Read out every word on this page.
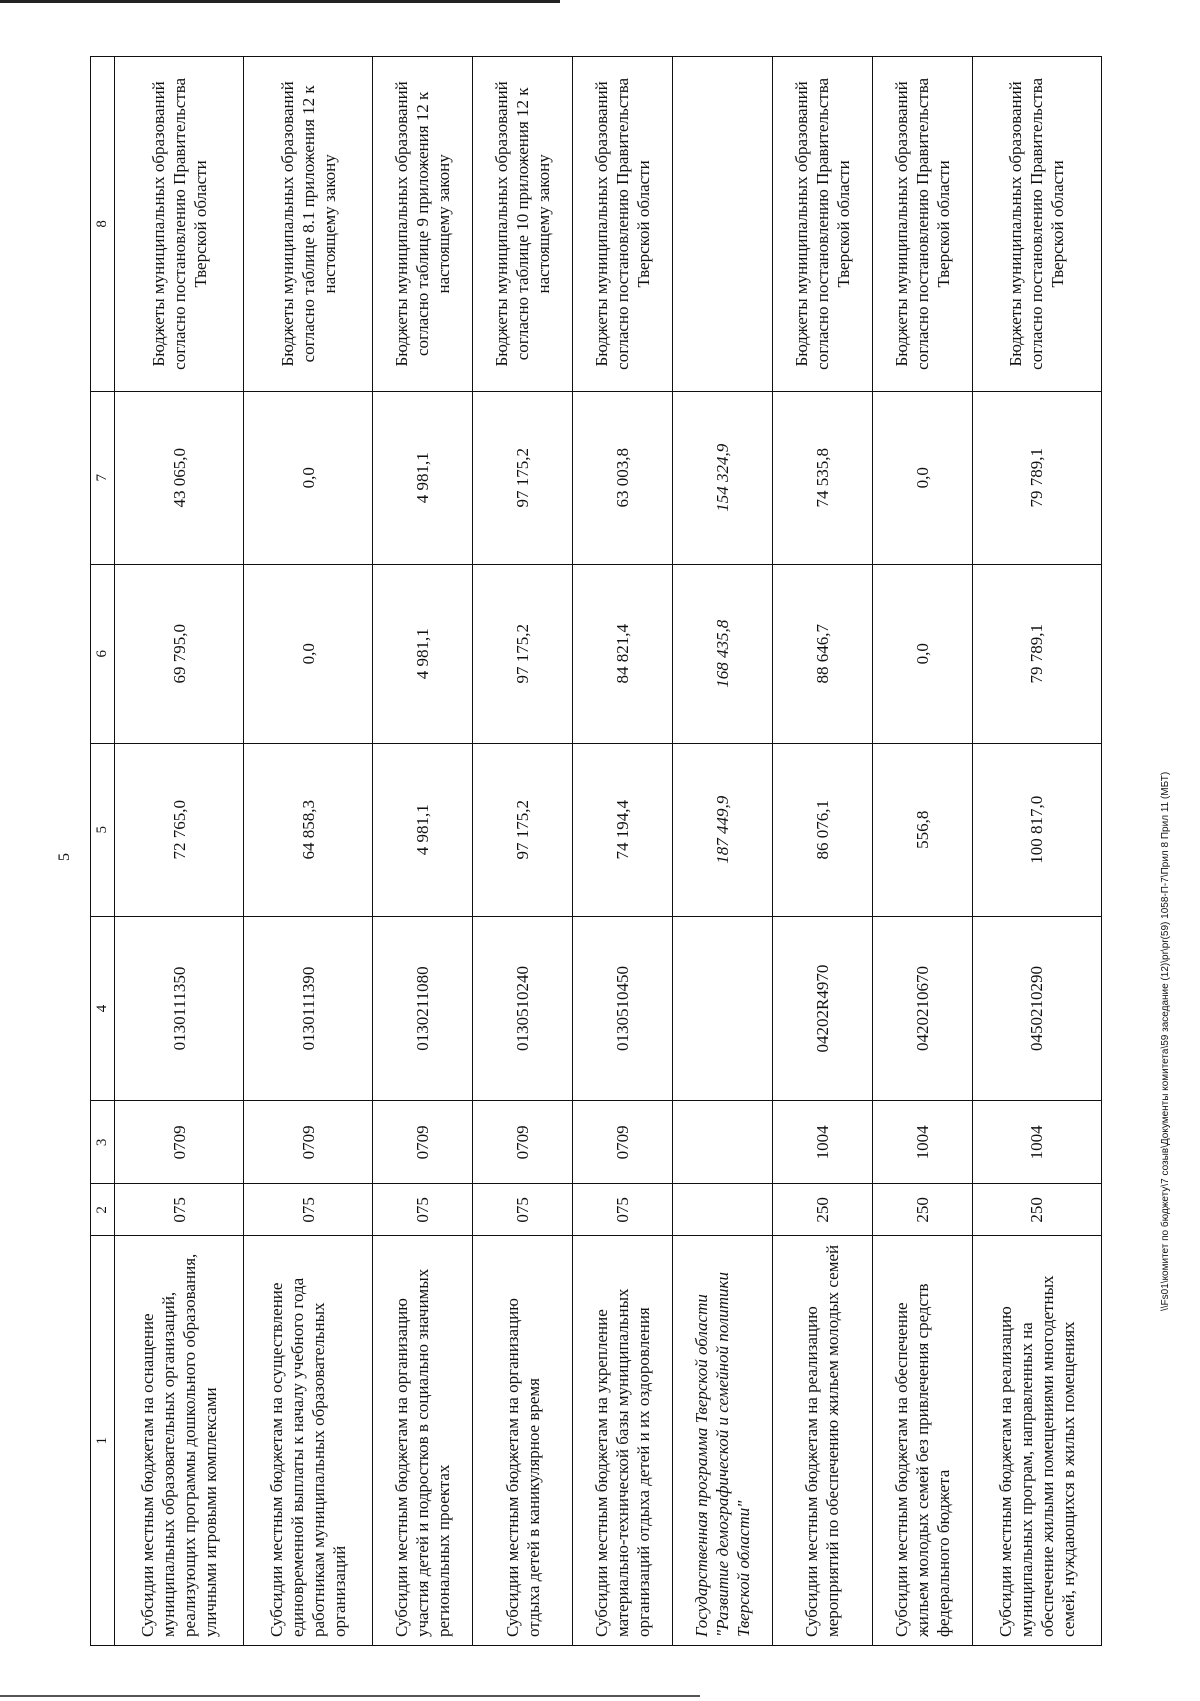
5
1	2	3	4	5	6	7	8
Субсидии местным бюджетам на оснащение муниципальных образовательных организаций, реализующих программы дошкольного образования, уличными игровыми комплексами	075	0709	0130111350	72 765,0	69 795,0	43 065,0	Бюджеты муниципальных образований согласно постановлению Правительства Тверской области
Субсидии местным бюджетам на осуществление единовременной выплаты к началу учебного года работникам муниципальных образовательных организаций	075	0709	0130111390	64 858,3	0,0	0,0	Бюджеты муниципальных образований согласно таблице 8.1 приложения 12 к настоящему закону
Субсидии местным бюджетам на организацию участия детей и подростков в социально значимых региональных проектах	075	0709	0130211080	4 981,1	4 981,1	4 981,1	Бюджеты муниципальных образований согласно таблице 9 приложения 12 к настоящему закону
Субсидии местным бюджетам на организацию отдыха детей в каникулярное время	075	0709	0130510240	97 175,2	97 175,2	97 175,2	Бюджеты муниципальных образований согласно таблице 10 приложения 12 к настоящему закону
Субсидии местным бюджетам на укрепление материально-технической базы муниципальных организаций отдыха детей и их оздоровления	075	0709	0130510450	74 194,4	84 821,4	63 003,8	Бюджеты муниципальных образований согласно постановлению Правительства Тверской области
Государственная программа Тверской области "Развитие демографической и семейной политики Тверской области"				187 449,9	168 435,8	154 324,9	
Субсидии местным бюджетам на реализацию мероприятий по обеспечению жильем молодых семей	250	1004	04202R4970	86 076,1	88 646,7	74 535,8	Бюджеты муниципальных образований согласно постановлению Правительства Тверской области
Субсидии местным бюджетам на обеспечение жильем молодых семей без привлечения средств федерального бюджета	250	1004	0420210670	556,8	0,0	0,0	Бюджеты муниципальных образований согласно постановлению Правительства Тверской области
Субсидии местным бюджетам на реализацию муниципальных програм, направленных на обеспечение жилыми помещениями многодетных семей, нуждающихся в жилых помещениях	250	1004	0450210290	100 817,0	79 789,1	79 789,1	Бюджеты муниципальных образований согласно постановлению Правительства Тверской области
\\Fs01\комитет по бюджету\7 созыв\Документы комитета\59 заседание (12)\pr\pr(59) 1058-П-7\Прил 8 Прил 11 (МБТ)
